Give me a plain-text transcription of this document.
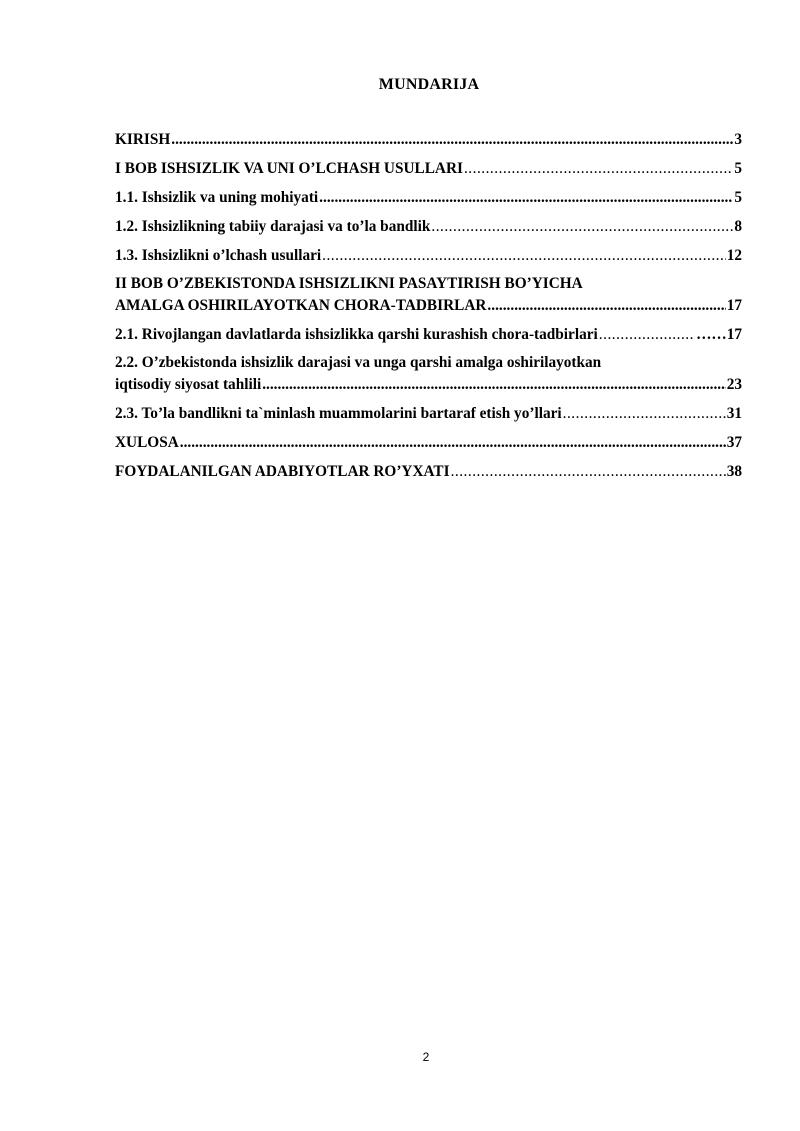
MUNDARIJA
KIRISH .....	3
I BOB ISHSIZLIK VA UNI O’LCHASH USULLARI .....	5
1.1. Ishsizlik va uning mohiyati .....	5
1.2. Ishsizlikning tabiiy darajasi va to’la bandlik .....	8
1.3. Ishsizlikni o’lchash usullari .....	12
II BOB O’ZBEKISTONDA ISHSIZLIKNI PASAYTIRISH BO’YICHA
AMALGA OSHIRILAYOTKAN CHORA-TADBIRLAR .....	17
2.1. Rivojlangan davlatlarda ishsizlikka qarshi kurashish chora-tadbirlari .....	……17
2.2. O’zbekistonda ishsizlik darajasi va unga qarshi amalga oshirilayotkan
iqtisodiy siyosat tahlili .....	23
2.3. To’la bandlikni ta`minlash muammolarini bartaraf etish yo’llari .....	31
XULOSA .....	37
FOYDALANILGAN ADABIYOTLAR RO’YXATI .....	38
2
